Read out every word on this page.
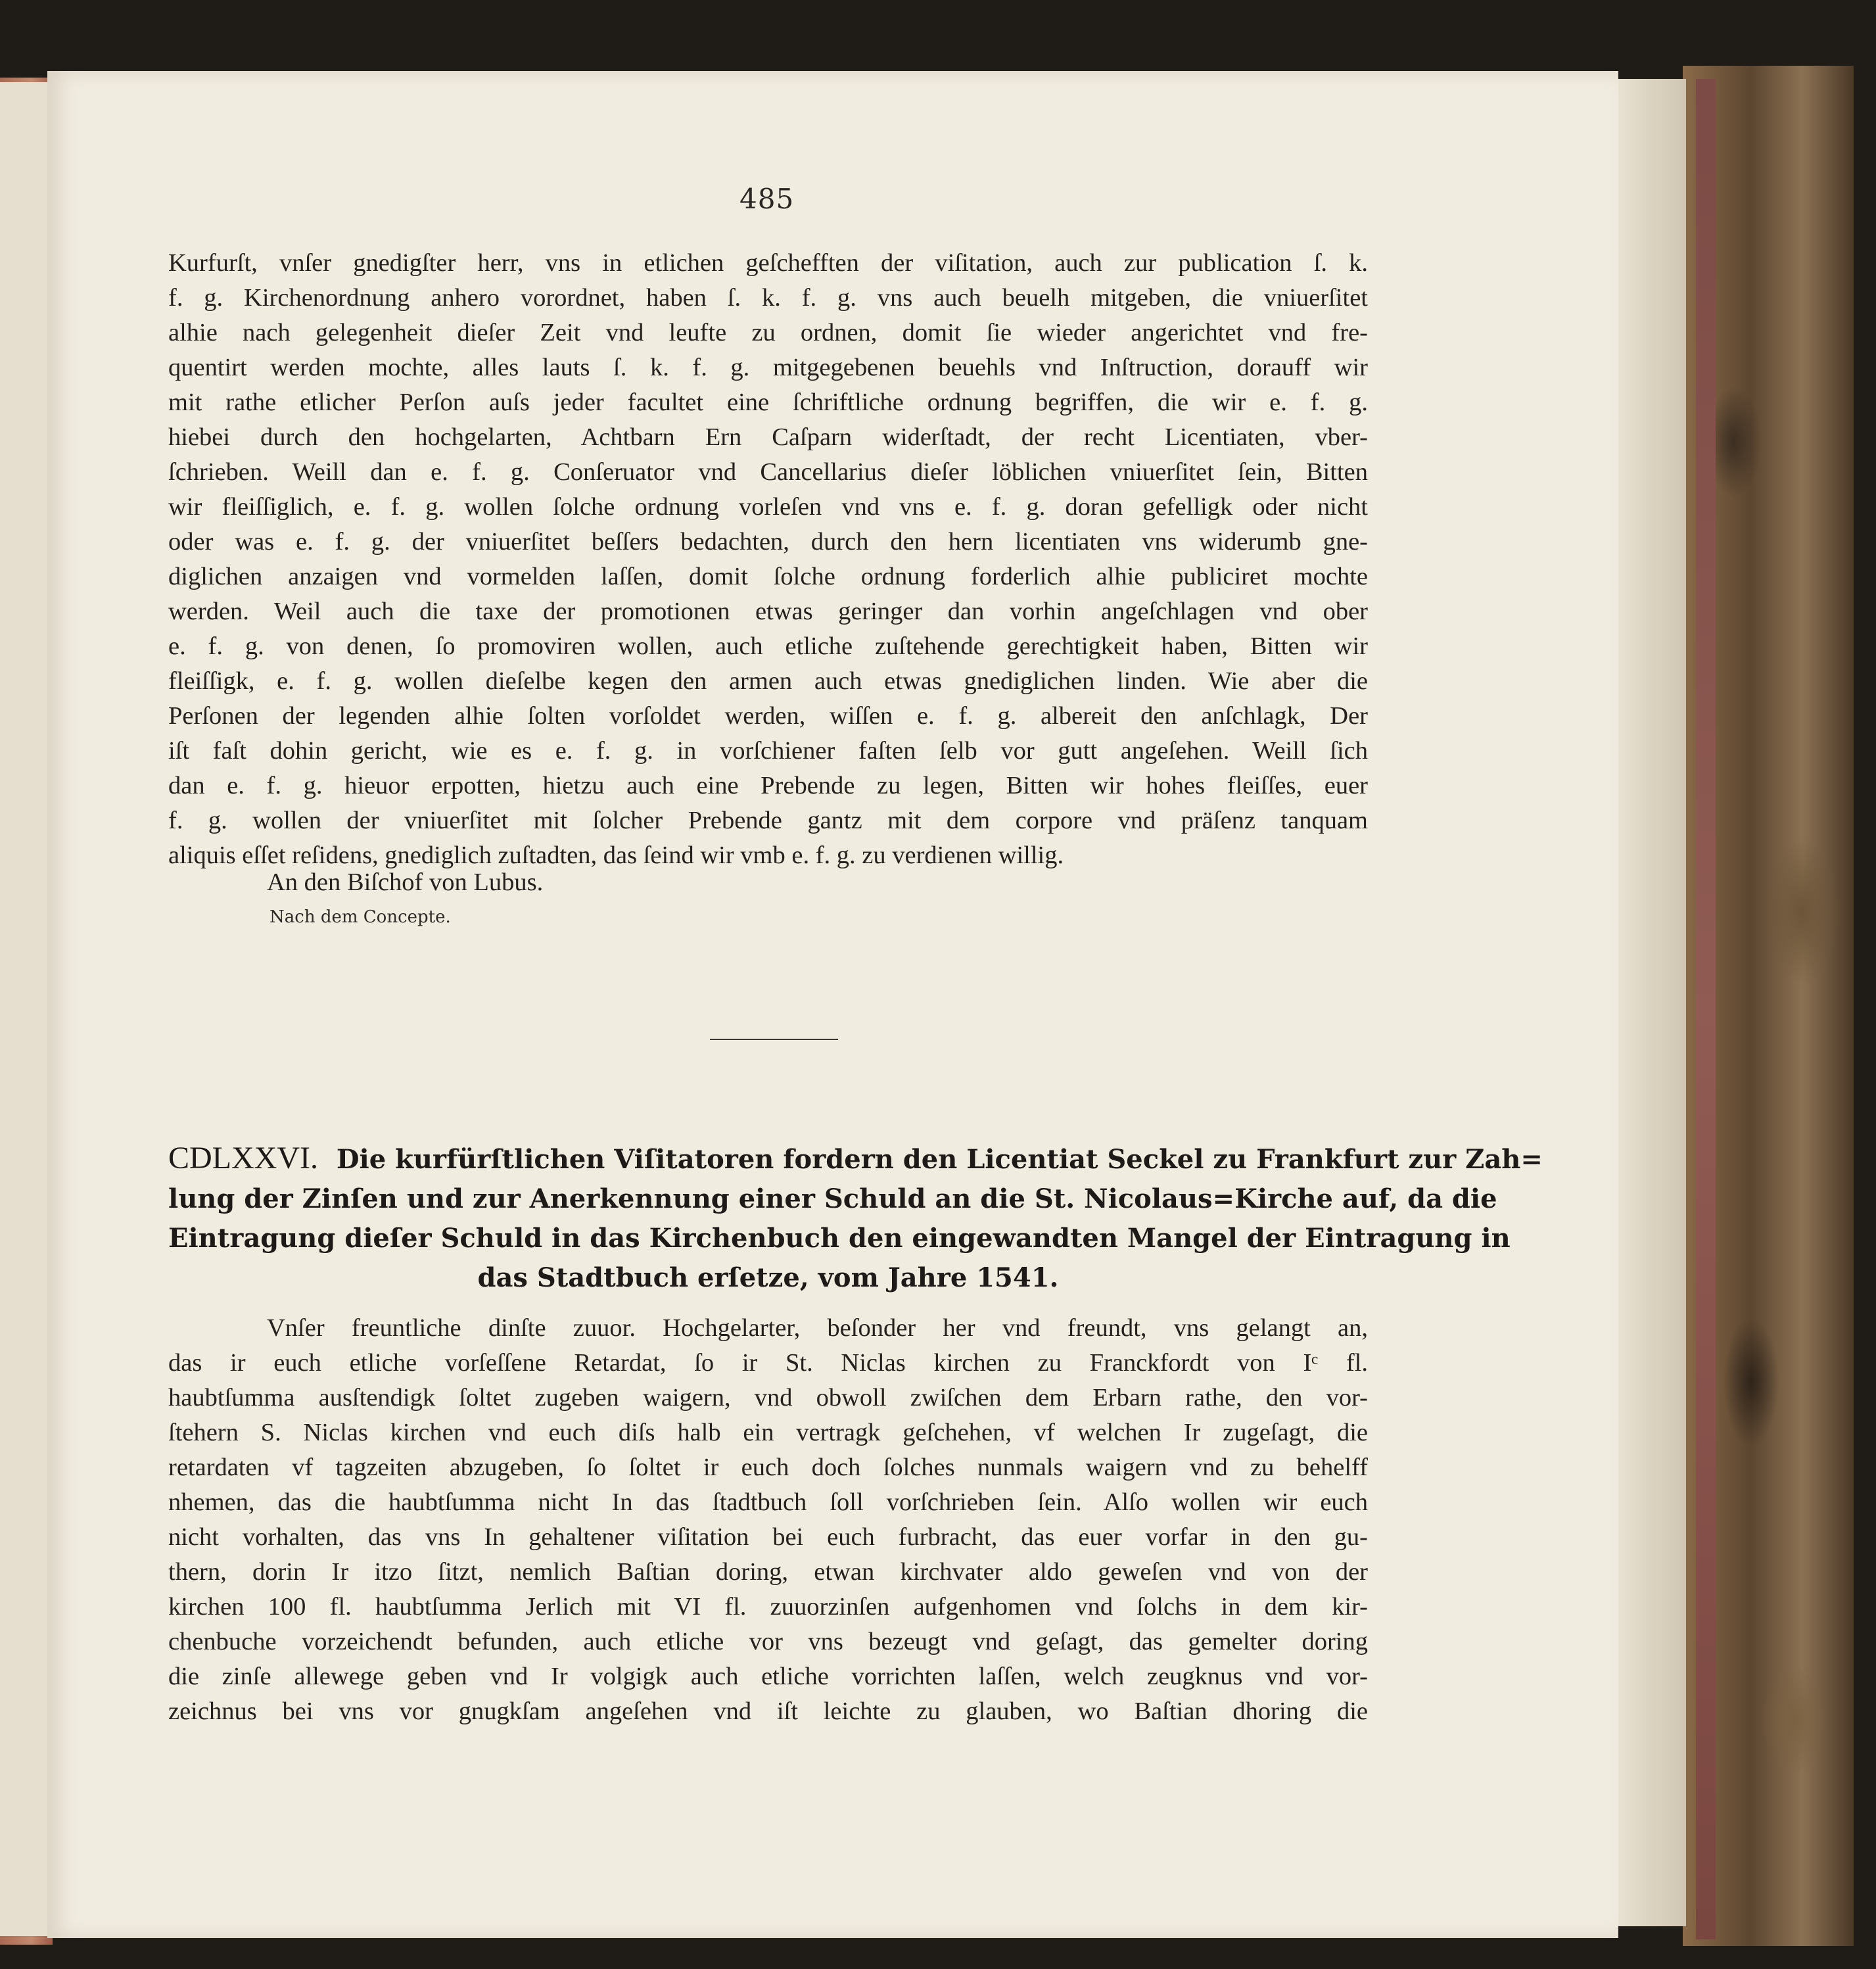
485
Kurfurſt, vnſer gnedigſter herr, vns in etlichen geſchefften der viſitation, auch zur publication ſ. k.
f. g. Kirchenordnung anhero vorordnet, haben ſ. k. f. g. vns auch beuelh mitgeben, die vniuerſitet
alhie nach gelegenheit dieſer Zeit vnd leufte zu ordnen, domit ſie wieder angerichtet vnd fre-
quentirt werden mochte, alles lauts ſ. k. f. g. mitgegebenen beuehls vnd Inſtruction, dorauff wir
mit rathe etlicher Perſon auſs jeder facultet eine ſchriftliche ordnung begriffen, die wir e. f. g.
hiebei durch den hochgelarten, Achtbarn Ern Caſparn widerſtadt, der recht Licentiaten, vber-
ſchrieben. Weill dan e. f. g. Conſeruator vnd Cancellarius dieſer löblichen vniuerſitet ſein, Bitten
wir fleiſſiglich, e. f. g. wollen ſolche ordnung vorleſen vnd vns e. f. g. doran gefelligk oder nicht
oder was e. f. g. der vniuerſitet beſſers bedachten, durch den hern licentiaten vns widerumb gne-
diglichen anzaigen vnd vormelden laſſen, domit ſolche ordnung forderlich alhie publiciret mochte
werden. Weil auch die taxe der promotionen etwas geringer dan vorhin angeſchlagen vnd ober
e. f. g. von denen, ſo promoviren wollen, auch etliche zuſtehende gerechtigkeit haben, Bitten wir
fleiſſigk, e. f. g. wollen dieſelbe kegen den armen auch etwas gnediglichen linden. Wie aber die
Perſonen der legenden alhie ſolten vorſoldet werden, wiſſen e. f. g. albereit den anſchlagk, Der
iſt faſt dohin gericht, wie es e. f. g. in vorſchiener faſten ſelb vor gutt angeſehen. Weill ſich
dan e. f. g. hieuor erpotten, hietzu auch eine Prebende zu legen, Bitten wir hohes fleiſſes, euer
f. g. wollen der vniuerſitet mit ſolcher Prebende gantz mit dem corpore vnd präſenz tanquam
aliquis eſſet reſidens, gnediglich zuſtadten, das ſeind wir vmb e. f. g. zu verdienen willig.
An den Biſchof von Lubus.
Nach dem Concepte.
CDLXXVI. Die kurfürſtlichen Viſitatoren fordern den Licentiat Seckel zu Frankfurt zur Zah=
lung der Zinſen und zur Anerkennung einer Schuld an die St. Nicolaus=Kirche auf, da die
Eintragung dieſer Schuld in das Kirchenbuch den eingewandten Mangel der Eintragung in
das Stadtbuch erſetze, vom Jahre 1541.
Vnſer freuntliche dinſte zuuor. Hochgelarter, beſonder her vnd freundt, vns gelangt an,
das ir euch etliche vorſeſſene Retardat, ſo ir St. Niclas kirchen zu Franckfordt von Iᶜ fl.
haubtſumma ausſtendigk ſoltet zugeben waigern, vnd obwoll zwiſchen dem Erbarn rathe, den vor-
ſtehern S. Niclas kirchen vnd euch diſs halb ein vertragk geſchehen, vf welchen Ir zugeſagt, die
retardaten vf tagzeiten abzugeben, ſo ſoltet ir euch doch ſolches nunmals waigern vnd zu behelff
nhemen, das die haubtſumma nicht In das ſtadtbuch ſoll vorſchrieben ſein. Alſo wollen wir euch
nicht vorhalten, das vns In gehaltener viſitation bei euch furbracht, das euer vorfar in den gu-
thern, dorin Ir itzo ſitzt, nemlich Baſtian doring, etwan kirchvater aldo geweſen vnd von der
kirchen 100 fl. haubtſumma Jerlich mit VI fl. zuuorzinſen aufgenhomen vnd ſolchs in dem kir-
chenbuche vorzeichendt befunden, auch etliche vor vns bezeugt vnd geſagt, das gemelter doring
die zinſe allewege geben vnd Ir volgigk auch etliche vorrichten laſſen, welch zeugknus vnd vor-
zeichnus bei vns vor gnugkſam angeſehen vnd iſt leichte zu glauben, wo Baſtian dhoring die
